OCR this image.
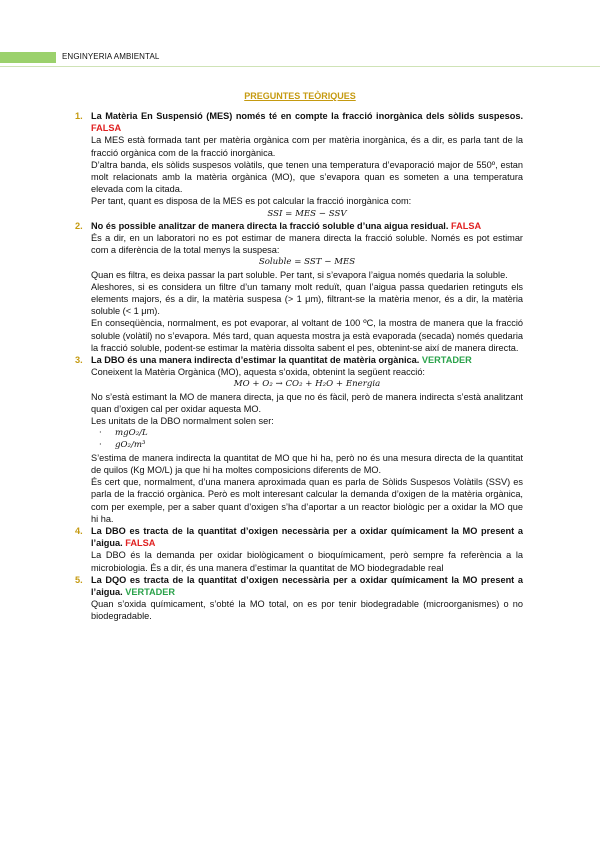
ENGINYERIA AMBIENTAL
PREGUNTES TEÒRIQUES
1. La Matèria En Suspensió (MES) només té en compte la fracció inorgànica dels sòlids suspesos. FALSA

La MES està formada tant per matèria orgànica com per matèria inorgànica, és a dir, es parla tant de la fracció orgànica com de la fracció inorgànica.

D’altra banda, els sòlids suspesos volàtils, que tenen una temperatura d’evaporació major de 550º, estan molt relacionats amb la matèria orgànica (MO), que s’evapora quan es someten a una temperatura elevada com la citada.

Per tant, quant es disposa de la MES es pot calcular la fracció inorgànica com:

SSI = MES − SSV

2. No és possible analitzar de manera directa la fracció soluble d’una aigua residual. FALSA

És a dir, en un laboratori no es pot estimar de manera directa la fracció soluble. Només es pot estimar com a diferència de la total menys la suspesa:

Soluble = SST − MES

Quan es filtra, es deixa passar la part soluble. Per tant, si s’evapora l’aigua només quedaria la soluble.

Aleshores, si es considera un filtre d’un tamany molt reduït, quan l’aigua passa quedarien retinguts els elements majors, és a dir, la matèria suspesa (> 1 μm), filtrant-se la matèria menor, és a dir, la matèria soluble (< 1 μm).

En conseqüència, normalment, es pot evaporar, al voltant de 100 ºC, la mostra de manera que la fracció soluble (volàtil) no s’evapora. Més tard, quan aquesta mostra ja està evaporada (secada) només quedaria la fracció soluble, podent-se estimar la matèria dissolta sabent el pes, obtenint-se així de manera directa.

3. La DBO és una manera indirecta d’estimar la quantitat de matèria orgànica. VERTADER

Coneixent la Matèria Orgànica (MO), aquesta s’oxida, obtenint la següent reacció:

MO + O₂ → CO₂ + H₂O + Energia

No s’està estimant la MO de manera directa, ja que no és fàcil, però de manera indirecta s’està analitzant quan d’oxigen cal per oxidar aquesta MO.

Les unitats de la DBO normalment solen ser:

· mgO₂/L
· gO₂/m³

S’estima de manera indirecta la quantitat de MO que hi ha, però no és una mesura directa de la quantitat de quilos (Kg MO/L) ja que hi ha moltes composicions diferents de MO.

És cert que, normalment, d’una manera aproximada quan es parla de Sòlids Suspesos Volàtils (SSV) es parla de la fracció orgànica. Però es molt interesant calcular la demanda d’oxigen de la matèria orgànica, com per exemple, per a saber quant d’oxigen s’ha d’aportar a un reactor biològic per a oxidar la MO que hi ha.

4. La DBO es tracta de la quantitat d’oxigen necessària per a oxidar químicament la MO present a l’aigua. FALSA

La DBO és la demanda per oxidar biològicament o bioquímicament, però sempre fa referència a la microbiologia. És a dir, és una manera d’estimar la quantitat de MO biodegradable real

5. La DQO es tracta de la quantitat d’oxigen necessària per a oxidar químicament la MO present a l’aigua. VERTADER

Quan s’oxida químicament, s’obté la MO total, on es por tenir biodegradable (microorganismes) o no biodegradable.
